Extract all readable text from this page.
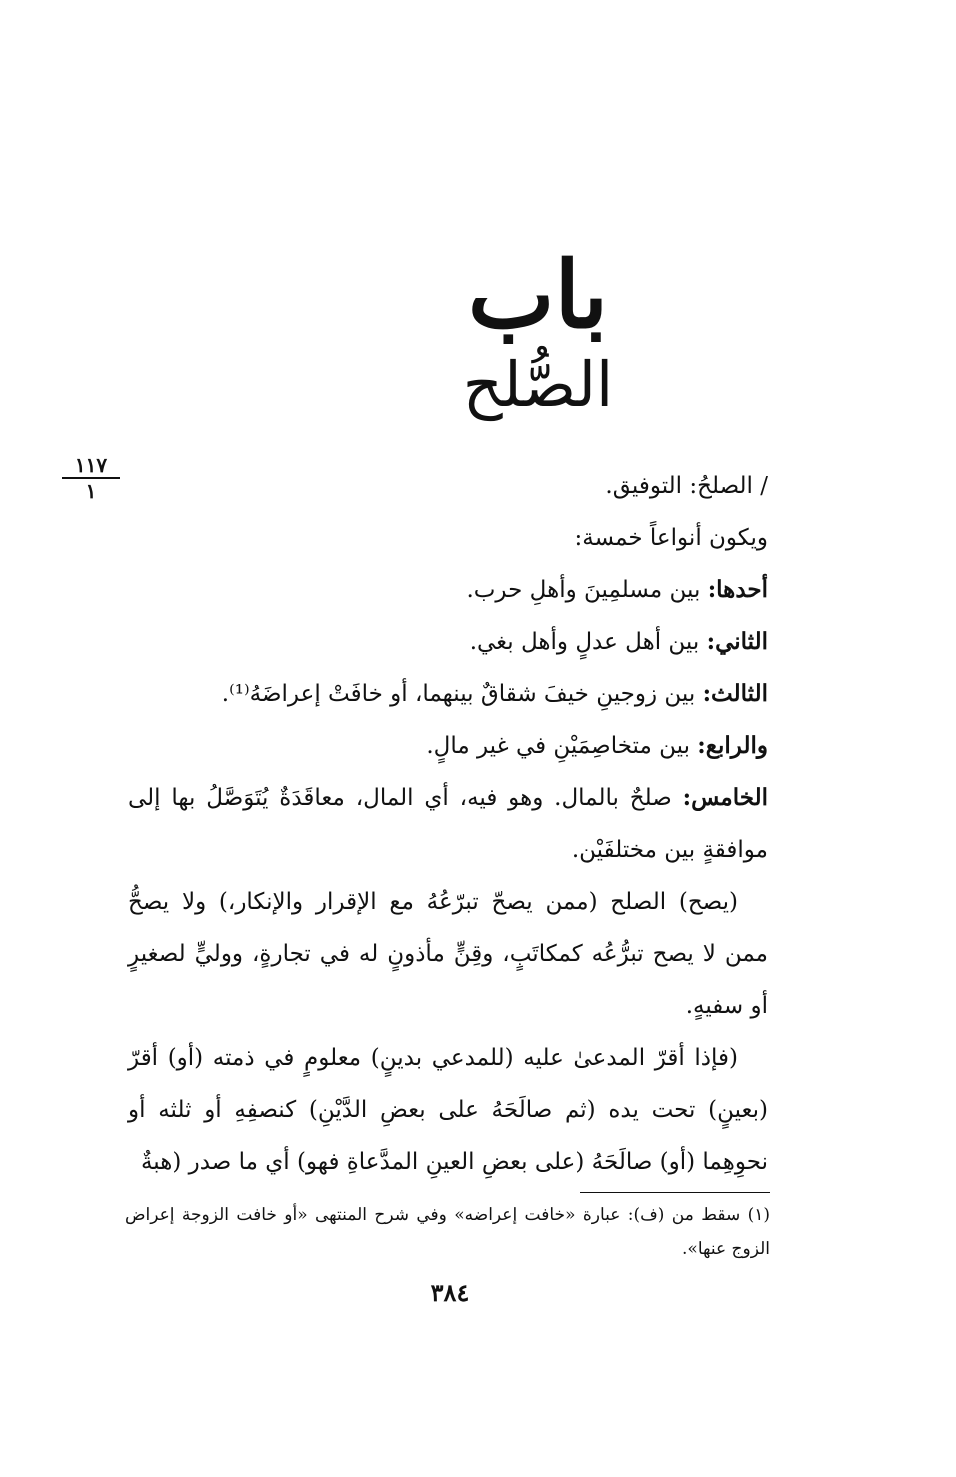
باب
الصُّلح
١١٧
١	/ الصلحُ: التوفيق.

ويكون أنواعاً خمسة:

أحدها: بين مسلمِينَ وأهلِ حرب.

الثاني: بين أهل عدلٍ وأهل بغي.

الثالث: بين زوجينِ خيفَ شقاقٌ بينهما، أو خافَتْ إعراضَهُ⁽¹⁾.

والرابع: بين متخاصِمَيْنِ في غير مالٍ.

الخامس: صلحٌ بالمال. وهو فيه، أي المال، معاقَدَةٌ يُتَوَصَّلُ بها إلى موافقةٍ بين مختلفَيْن.

(يصح) الصلح (ممن يصحّ تبرّعُهُ مع الإقرار والإنكار،) ولا يصحُّ ممن لا يصح تبرُّعُه كمكاتَبٍ، وقِنٍّ مأذونٍ له في تجارةٍ، ووليٍّ لصغيرٍ أو سفيهٍ.

(فإذا أقرّ المدعىٰ عليه (للمدعي بدينٍ) معلومٍ في ذمته (أو) أقرّ (بعينٍ) تحت يده (ثم صالَحَهُ على بعضِ الدَّيْنِ) كنصفِهِ أو ثلثه أو نحوِهِما (أو) صالَحَهُ (على بعضِ العينِ المدَّعاةِ فهو) أي ما صدر (هبةٌ

(١) سقط من (ف): عبارة «خافت إعراضه» وفي شرح المنتهى «أو خافت الزوجة إعراض الزوج عنها».
٣٨٤
